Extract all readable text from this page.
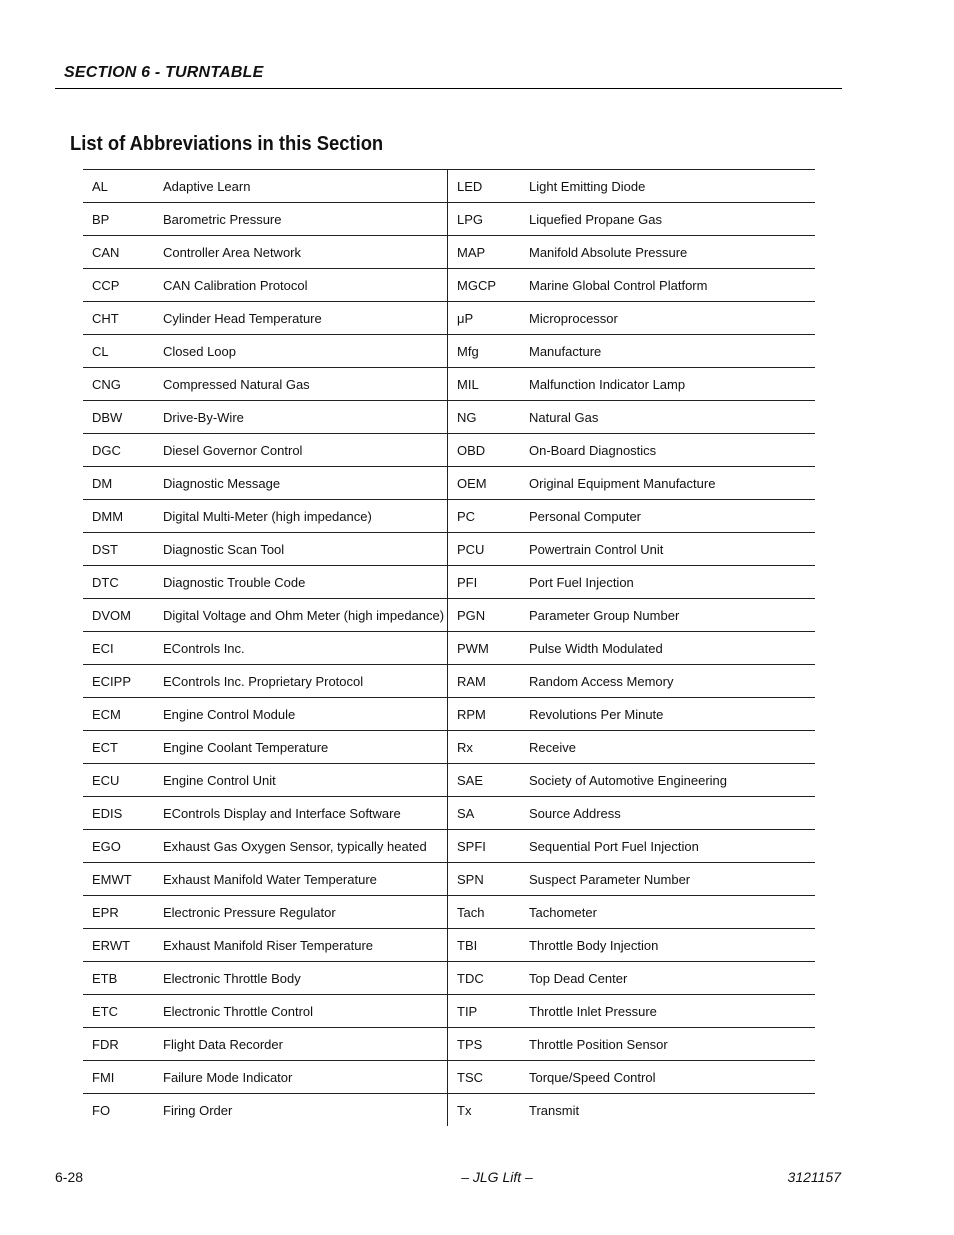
SECTION 6 - TURNTABLE
List of Abbreviations in this Section
AL	Adaptive Learn	LED	Light Emitting Diode
BP	Barometric Pressure	LPG	Liquefied Propane Gas
CAN	Controller Area Network	MAP	Manifold Absolute Pressure
CCP	CAN Calibration Protocol	MGCP	Marine Global Control Platform
CHT	Cylinder Head Temperature	μP	Microprocessor
CL	Closed Loop	Mfg	Manufacture
CNG	Compressed Natural Gas	MIL	Malfunction Indicator Lamp
DBW	Drive-By-Wire	NG	Natural Gas
DGC	Diesel Governor Control	OBD	On-Board Diagnostics
DM	Diagnostic Message	OEM	Original Equipment Manufacture
DMM	Digital Multi-Meter (high impedance)	PC	Personal Computer
DST	Diagnostic Scan Tool	PCU	Powertrain Control Unit
DTC	Diagnostic Trouble Code	PFI	Port Fuel Injection
DVOM	Digital Voltage and Ohm Meter (high impedance)	PGN	Parameter Group Number
ECI	EControls Inc.	PWM	Pulse Width Modulated
ECIPP	EControls Inc. Proprietary Protocol	RAM	Random Access Memory
ECM	Engine Control Module	RPM	Revolutions Per Minute
ECT	Engine Coolant Temperature	Rx	Receive
ECU	Engine Control Unit	SAE	Society of Automotive Engineering
EDIS	EControls Display and Interface Software	SA	Source Address
EGO	Exhaust Gas Oxygen Sensor, typically heated	SPFI	Sequential Port Fuel Injection
EMWT	Exhaust Manifold Water Temperature	SPN	Suspect Parameter Number
EPR	Electronic Pressure Regulator	Tach	Tachometer
ERWT	Exhaust Manifold Riser Temperature	TBI	Throttle Body Injection
ETB	Electronic Throttle Body	TDC	Top Dead Center
ETC	Electronic Throttle Control	TIP	Throttle Inlet Pressure
FDR	Flight Data Recorder	TPS	Throttle Position Sensor
FMI	Failure Mode Indicator	TSC	Torque/Speed Control
FO	Firing Order	Tx	Transmit
6-28	– JLG Lift –	3121157
